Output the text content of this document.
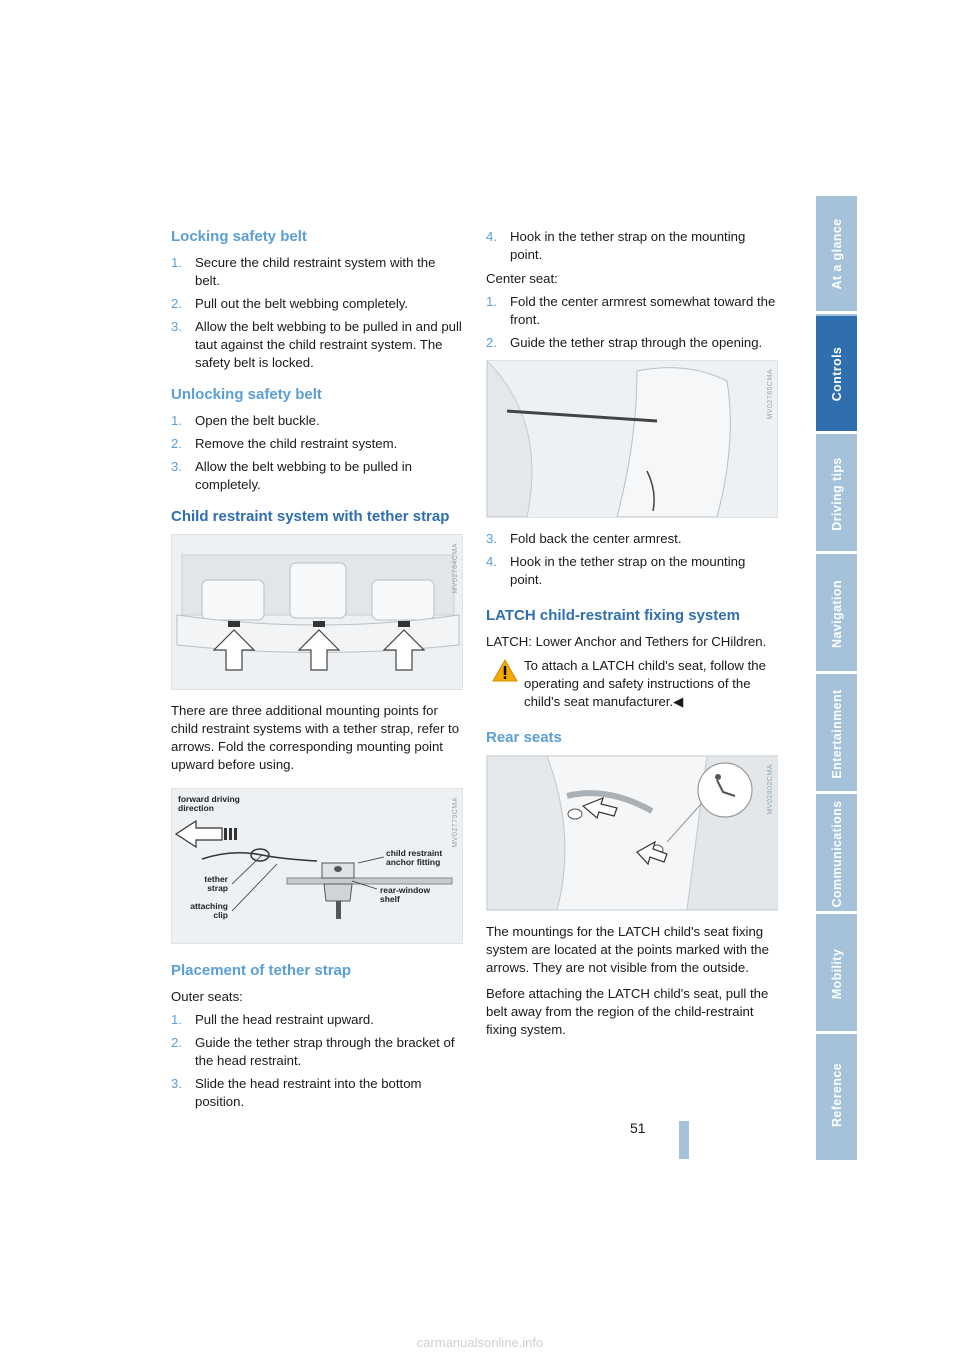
Locking safety belt
1. Secure the child restraint system with the belt.
2. Pull out the belt webbing completely.
3. Allow the belt webbing to be pulled in and pull taut against the child restraint system. The safety belt is locked.
Unlocking safety belt
1. Open the belt buckle.
2. Remove the child restraint system.
3. Allow the belt webbing to be pulled in completely.
Child restraint system with tether strap
MV02784CMA

There are three additional mounting points for child restraint systems with a tether strap, refer to arrows. Fold the corresponding mounting point upward before using.

forward driving direction
child restraint anchor fitting
tether strap	rear-window shelf
attaching clip
MV02779CMA
Placement of tether strap

Outer seats:

1. Pull the head restraint upward.
2. Guide the tether strap through the bracket of the head restraint.
3. Slide the head restraint into the bottom position.
4. Hook in the tether strap on the mounting point.

Center seat:

1. Fold the center armrest somewhat toward the front.
2. Guide the tether strap through the opening.
MV02785CMA
3. Fold back the center armrest.
4. Hook in the tether strap on the mounting point.
LATCH child-restraint fixing system

LATCH: Lower Anchor and Tethers for CHildren.

To attach a LATCH child's seat, follow the operating and safety instructions of the child's seat manufacturer.◀

Rear seats
MV02802CMA

The mountings for the LATCH child's seat fixing system are located at the points marked with the arrows. They are not visible from the outside.

Before attaching the LATCH child's seat, pull the belt away from the region of the child-restraint fixing system.

At a glance
Controls
Driving tips
Navigation
Entertainment
Communications
Mobility
Reference
51
carmanualsonline.info
